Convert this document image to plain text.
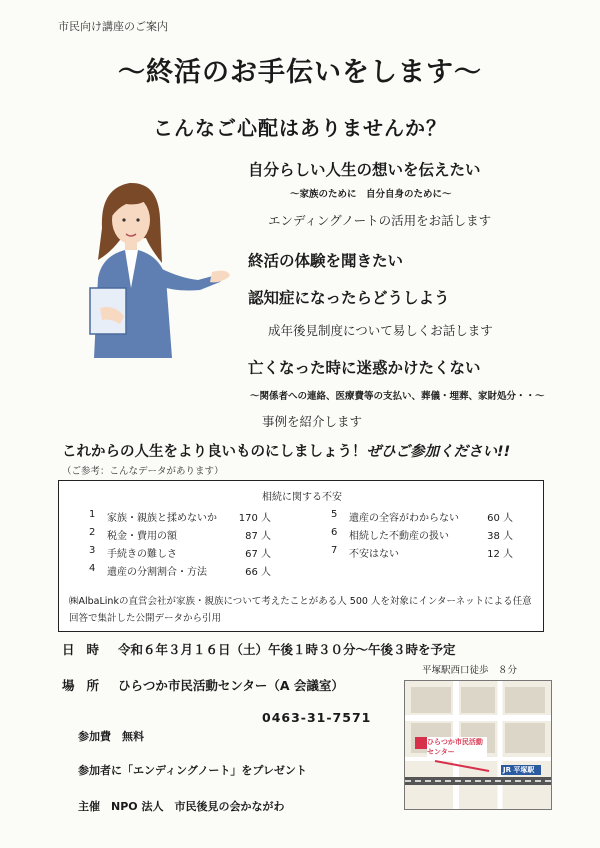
市民向け講座のご案内
〜終活のお手伝いをします〜
こんなご心配はありませんか？
自分らしい人生の想いを伝えたい
〜家族のために　自分自身のために〜
エンディングノートの活用をお話します
終活の体験を聞きたい
認知症になったらどうしよう
成年後見制度について易しくお話します
亡くなった時に迷惑かけたくない
〜関係者への連絡、医療費等の支払い、葬儀・埋葬、家財処分・・〜
事例を紹介します
これからの人生をより良いものにしましょう！ぜひご参加ください!!
（ご参考：こんなデータがあります）
相続に関する不安
1	家族・親族と揉めないか	170 人
2	税金・費用の額	87 人
3	手続きの難しさ	67 人
4	遺産の分割割合・方法	66 人
5	遺産の全容がわからない	60 人
6	相続した不動産の扱い	38 人
7	不安はない	12 人
㈱AlbaLinkの直営会社が家族・親族について考えたことがある人 500 人を対象にインターネットによる任意回答で集計した公開データから引用
日時 令和６年３月１６日（土）午後１時３０分〜午後３時を予定
場所 ひらつか市民活動センター（A 会議室）
0463-31-7571
参加費　無料
参加者に「エンディングノート」をプレゼント
主催　NPO 法人　市民後見の会かながわ
平塚駅西口徒歩　８分
JR 平塚駅
ひらつか市民活動センター
